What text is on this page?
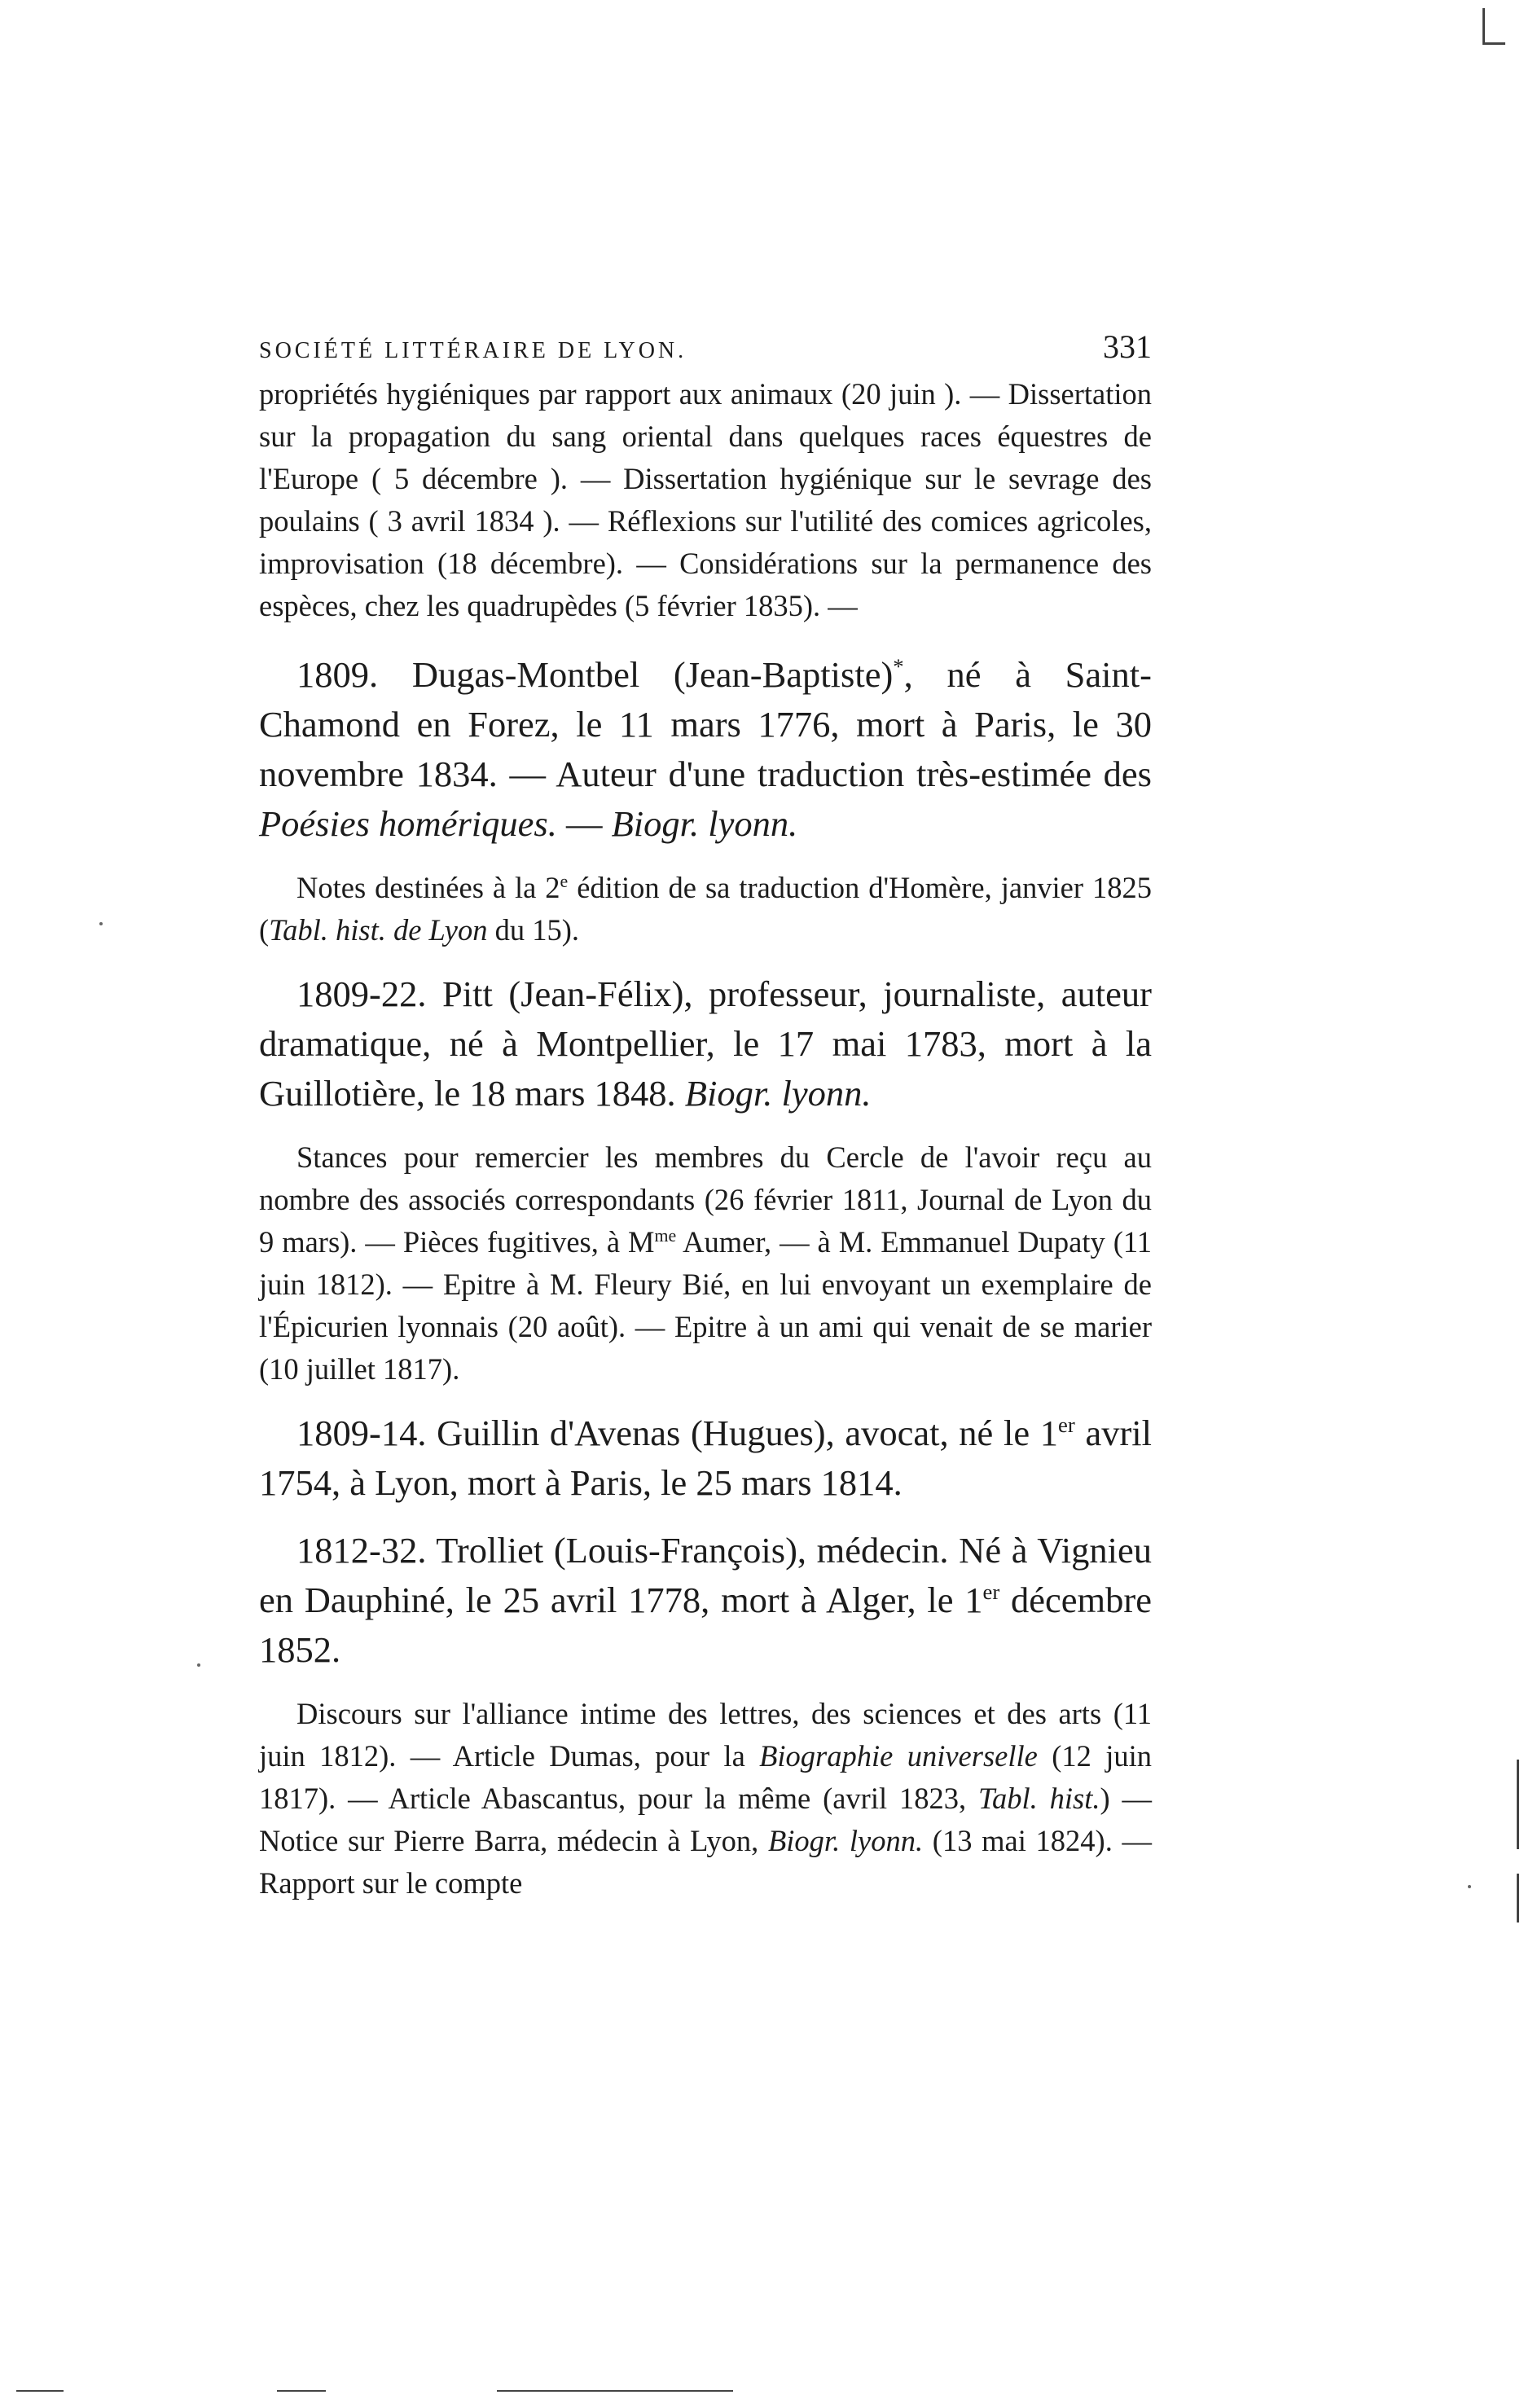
SOCIÉTÉ LITTÉRAIRE DE LYON.	331

propriétés hygiéniques par rapport aux animaux (20 juin ). — Dissertation sur la propagation du sang oriental dans quelques races équestres de l'Europe ( 5 décembre ). — Dissertation hygiénique sur le sevrage des poulains ( 3 avril 1834 ). — Réflexions sur l'utilité des comices agricoles, improvisation (18 décembre). — Considérations sur la permanence des espèces, chez les quadrupèdes (5 février 1835). —

1809. Dugas-Montbel (Jean-Baptiste)*, né à Saint-Chamond en Forez, le 11 mars 1776, mort à Paris, le 30 novembre 1834. — Auteur d'une traduction très-estimée des Poésies homériques. — Biogr. lyonn.

Notes destinées à la 2e édition de sa traduction d'Homère, janvier 1825 (Tabl. hist. de Lyon du 15).

1809-22. Pitt (Jean-Félix), professeur, journaliste, auteur dramatique, né à Montpellier, le 17 mai 1783, mort à la Guillotière, le 18 mars 1848. Biogr. lyonn.

Stances pour remercier les membres du Cercle de l'avoir reçu au nombre des associés correspondants (26 février 1811, Journal de Lyon du 9 mars). — Pièces fugitives, à $M^{me}$ Aumer, — à M. Emmanuel Dupaty (11 juin 1812). — Epitre à M. Fleury Bié, en lui envoyant un exemplaire de l'Épicurien lyonnais (20 août). — Epitre à un ami qui venait de se marier (10 juillet 1817).

1809-14. Guillin d'Avenas (Hugues), avocat, né le 1er avril 1754, à Lyon, mort à Paris, le 25 mars 1814.

1812-32. Trolliet (Louis-François), médecin. Né à Vignieu en Dauphiné, le 25 avril 1778, mort à Alger, le 1er décembre 1852.

Discours sur l'alliance intime des lettres, des sciences et des arts (11 juin 1812). — Article Dumas, pour la Biographie universelle (12 juin 1817). — Article Abascantus, pour la même (avril 1823, Tabl. hist.) — Notice sur Pierre Barra, médecin à Lyon, Biogr. lyonn. (13 mai 1824). — Rapport sur le compte
